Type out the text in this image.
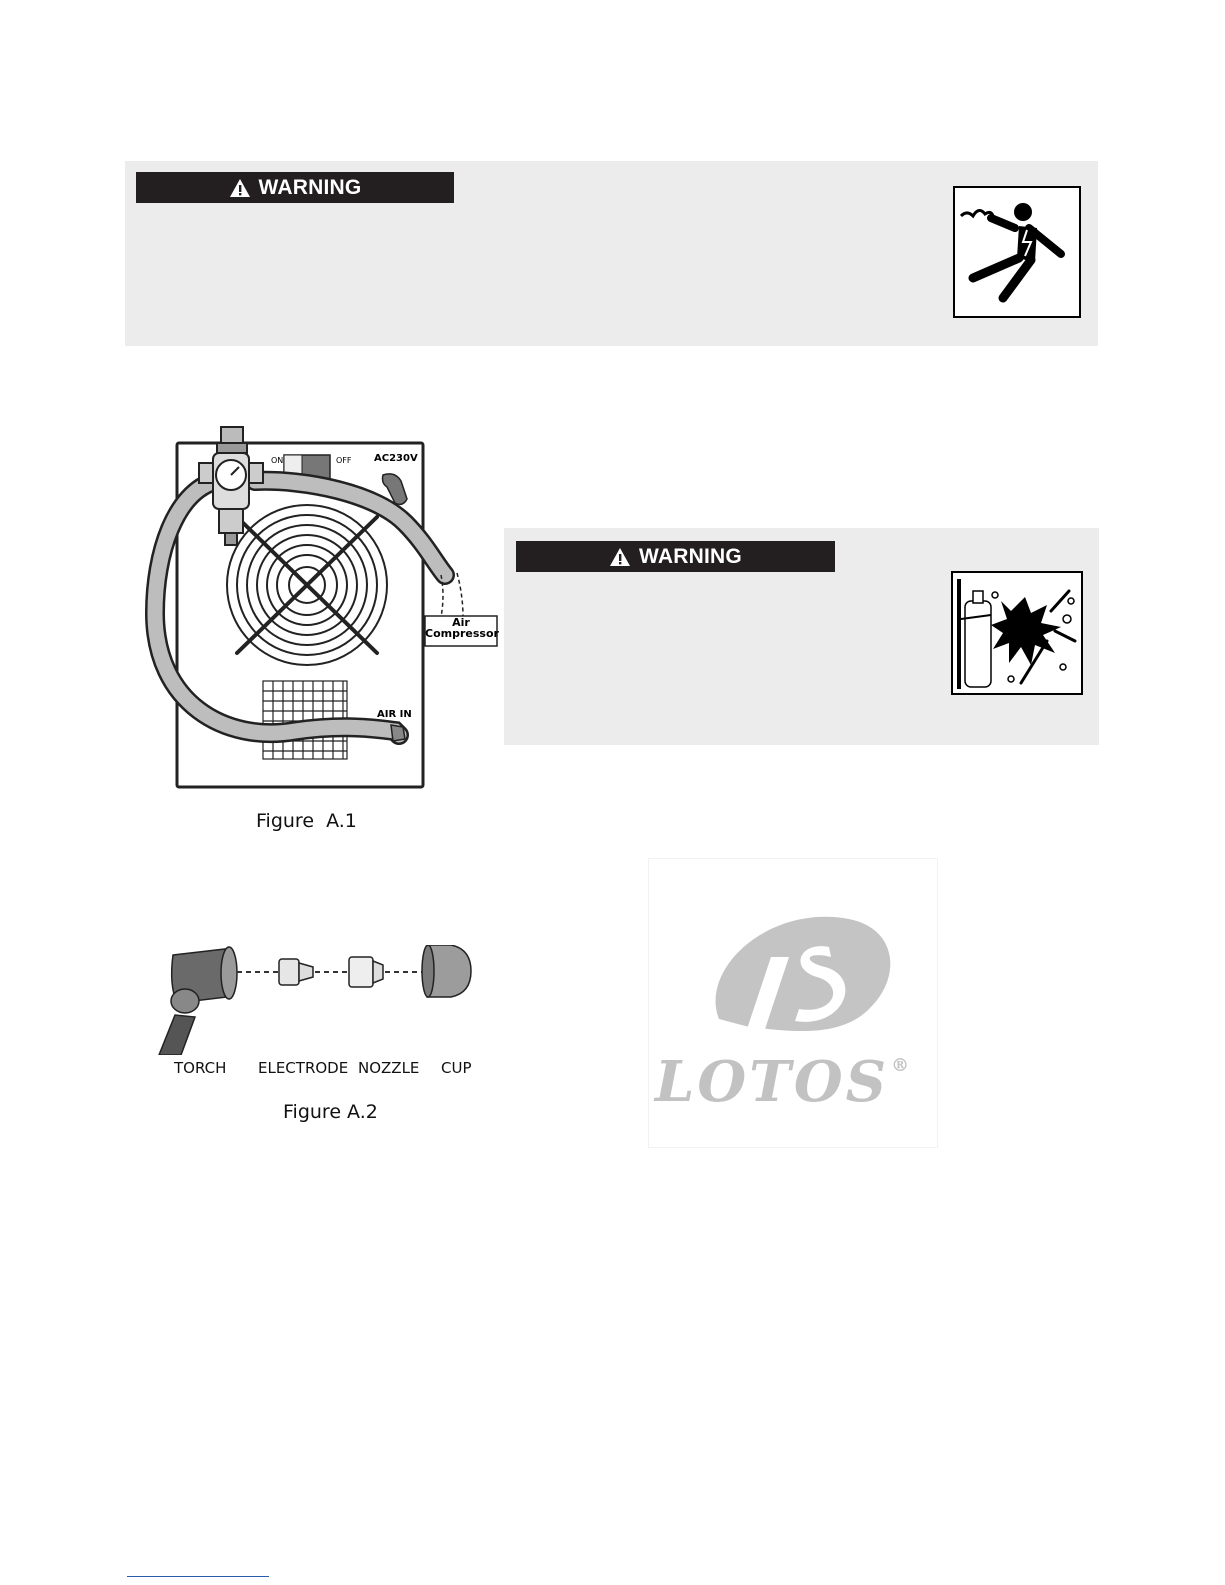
WARNING
ON	OFF AC230V
AIR IN
Air
Compressor
Figure  A.1
WARNING
TORCH ELECTRODE NOZZLE CUP
Figure A.2	LOTOS ®
